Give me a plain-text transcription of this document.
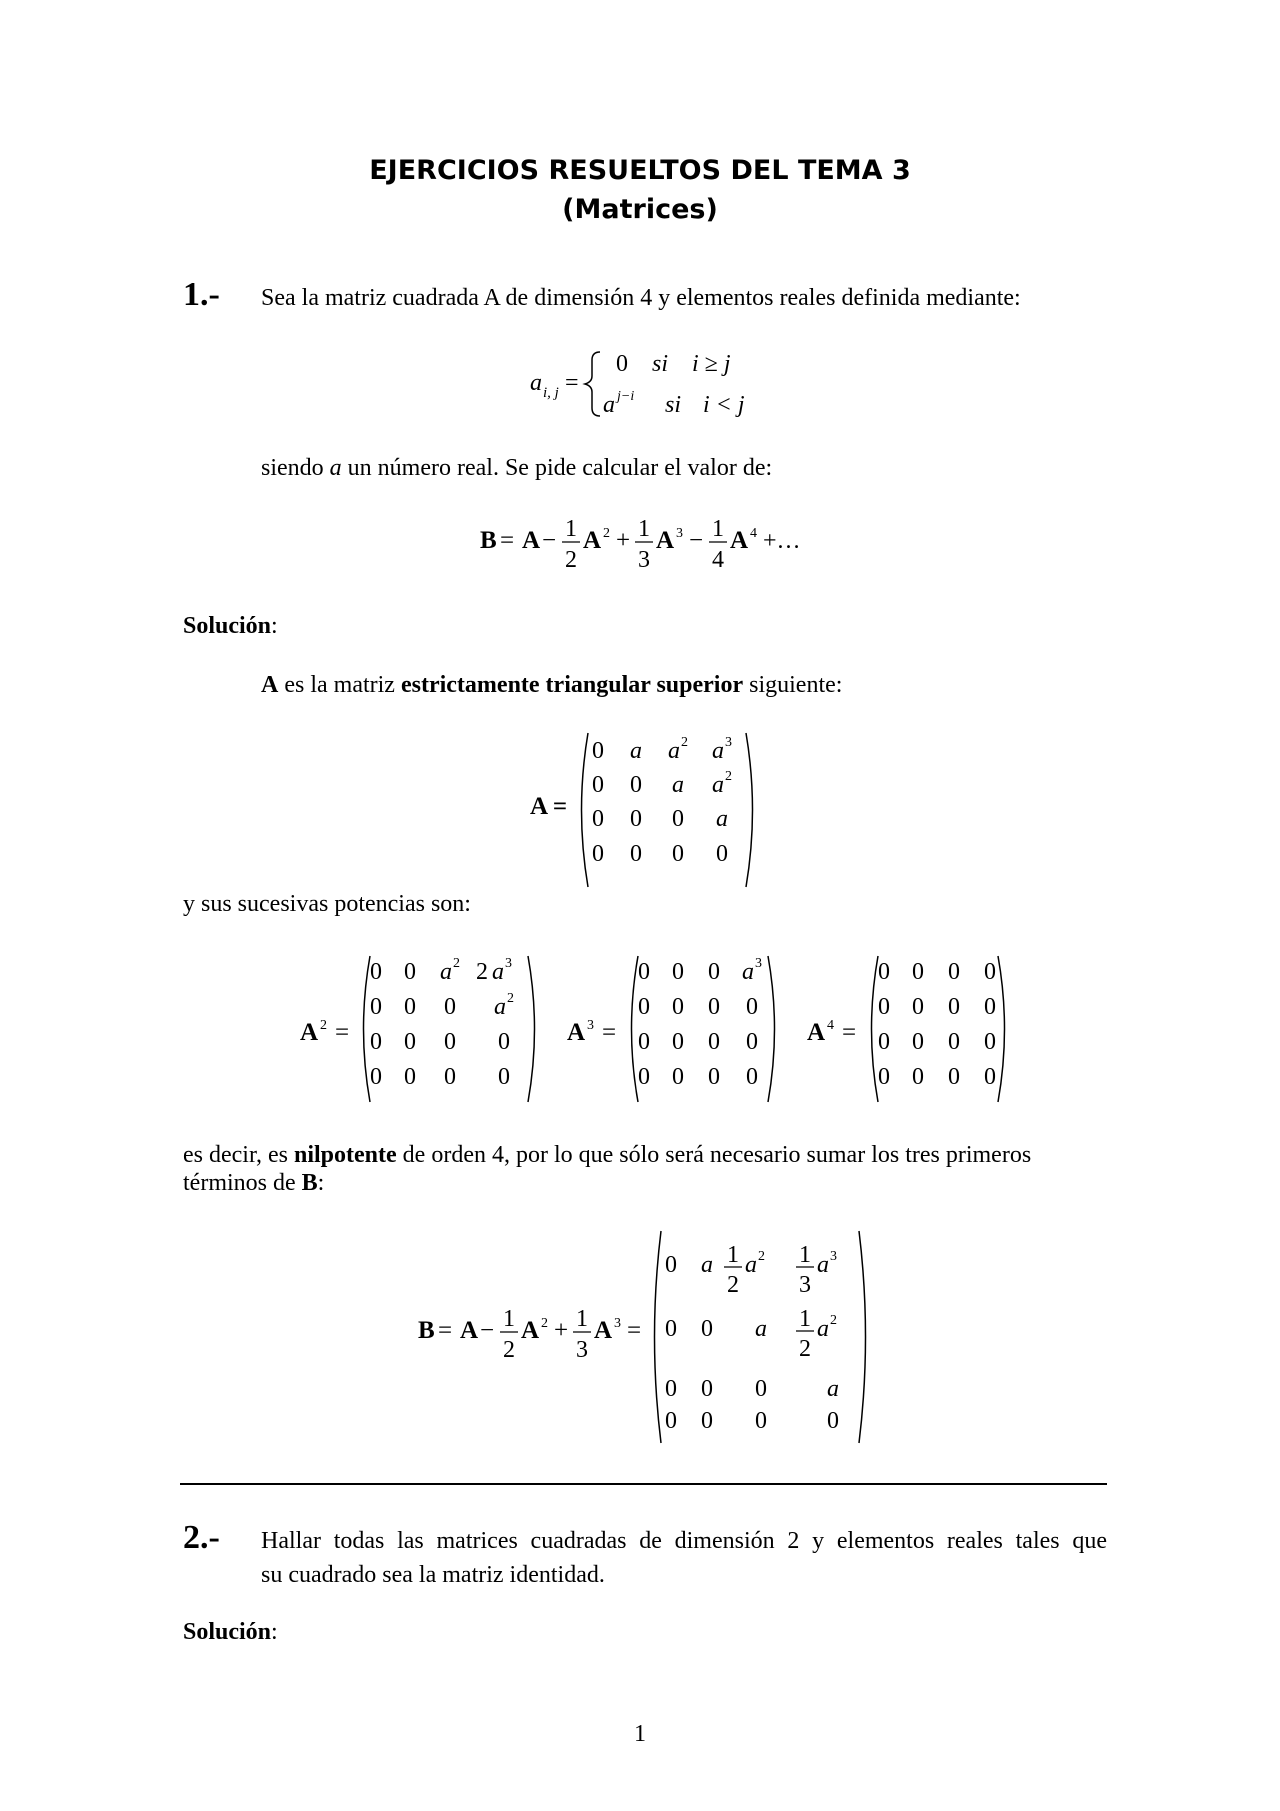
EJERCICIOS RESUELTOS DEL TEMA 3
(Matrices)
1.- Sea la matriz cuadrada A de dimensión 4 y elementos reales definida mediante:
a i, j =
0 si i ≥ j
a j−i si i < j
siendo a un número real. Se pide calcular el valor de:
B = A − 1
2
A 2 + 1
3
A 3 − 1
4
A 4 +…
Solución:
A es la matriz estrictamente triangular superior siguiente:
A =
0 a a 2 a 3
0 0 a a 2
0 0 0 a
0 0 0 0
y sus sucesivas potencias son:
A 2 =
0 0 a 2 2 a 3
0 0 0 a 2
0 0 0 0
0 0 0 0
A 3 =
0 0 0 a 3
0 0 0 0
0 0 0 0
0 0 0 0
A 4 =
0 0 0 0
0 0 0 0
0 0 0 0
0 0 0 0
es decir, es nilpotente de orden 4, por lo que sólo será necesario sumar los tres primeros
términos de B:
B = A − 1
2
A 2 + 1
3
A 3 =
0 a 1
2
a 2 1
3
a 3
0 0 a 1
2
a 2
0 0 0	a
0 0 0	0
2.- Hallar todas las matrices cuadradas de dimensión 2 y elementos reales tales que
su cuadrado sea la matriz identidad.
Solución:
1
